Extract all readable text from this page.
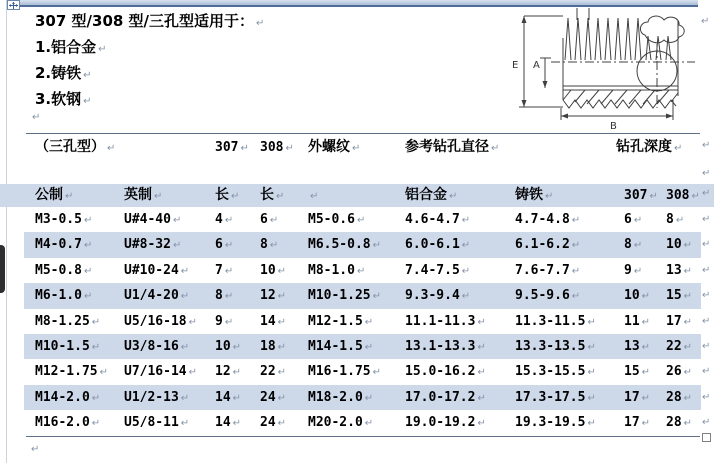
307 型/308 型/三孔型适用于： ↵
1.铝合金 ↵
2.铸铁 ↵
3.软钢 ↵
↵
↵
E A
B
（三孔型） ↵	307 ↵ 308 ↵ 外螺纹 ↵	参考钻孔直径 ↵	钻孔深度 ↵
公制 ↵	英制 ↵	长 ↵ 长 ↵	↵	铝合金 ↵	铸铁 ↵	307 ↵ 308 ↵
M3-0.5 ↵ U#4-40 ↵	4 ↵ 6 ↵ M5-0.6 ↵	4.6-4.7 ↵	4.7-4.8 ↵	6 ↵ 8 ↵
M4-0.7 ↵ U#8-32 ↵	6 ↵ 8 ↵ M6.5-0.8 ↵ 6.0-6.1 ↵	6.1-6.2 ↵	8 ↵ 10 ↵
M5-0.8 ↵ U#10-24 ↵ 7 ↵ 10 ↵ M8-1.0 ↵	7.4-7.5 ↵	7.6-7.7 ↵	9 ↵ 13 ↵
M6-1.0 ↵ U1/4-20 ↵ 8 ↵ 12 ↵ M10-1.25 ↵ 9.3-9.4 ↵	9.5-9.6 ↵	10 ↵ 15 ↵
M8-1.25 ↵ U5/16-18 ↵ 9 ↵ 14 ↵ M12-1.5 ↵ 11.1-11.3 ↵ 11.3-11.5 ↵ 11 ↵ 17 ↵
M10-1.5 ↵ U3/8-16 ↵ 10 ↵ 18 ↵ M14-1.5 ↵ 13.1-13.3 ↵ 13.3-13.5 ↵ 13 ↵ 22 ↵
M12-1.75 ↵ U7/16-14 ↵ 12 ↵ 22 ↵ M16-1.75 ↵ 15.0-16.2 ↵ 15.3-15.5 ↵ 15 ↵ 26 ↵
M14-2.0 ↵ U1/2-13 ↵ 14 ↵ 24 ↵ M18-2.0 ↵ 17.0-17.2 ↵ 17.3-17.5 ↵ 17 ↵ 28 ↵
M16-2.0 ↵ U5/8-11 ↵ 14 ↵ 24 ↵ M20-2.0 ↵ 19.0-19.2 ↵ 19.3-19.5 ↵ 17 ↵ 28 ↵
↵
↵
↵
↵
↵
↵
↵
↵
↵
↵
↵
↵
↵
